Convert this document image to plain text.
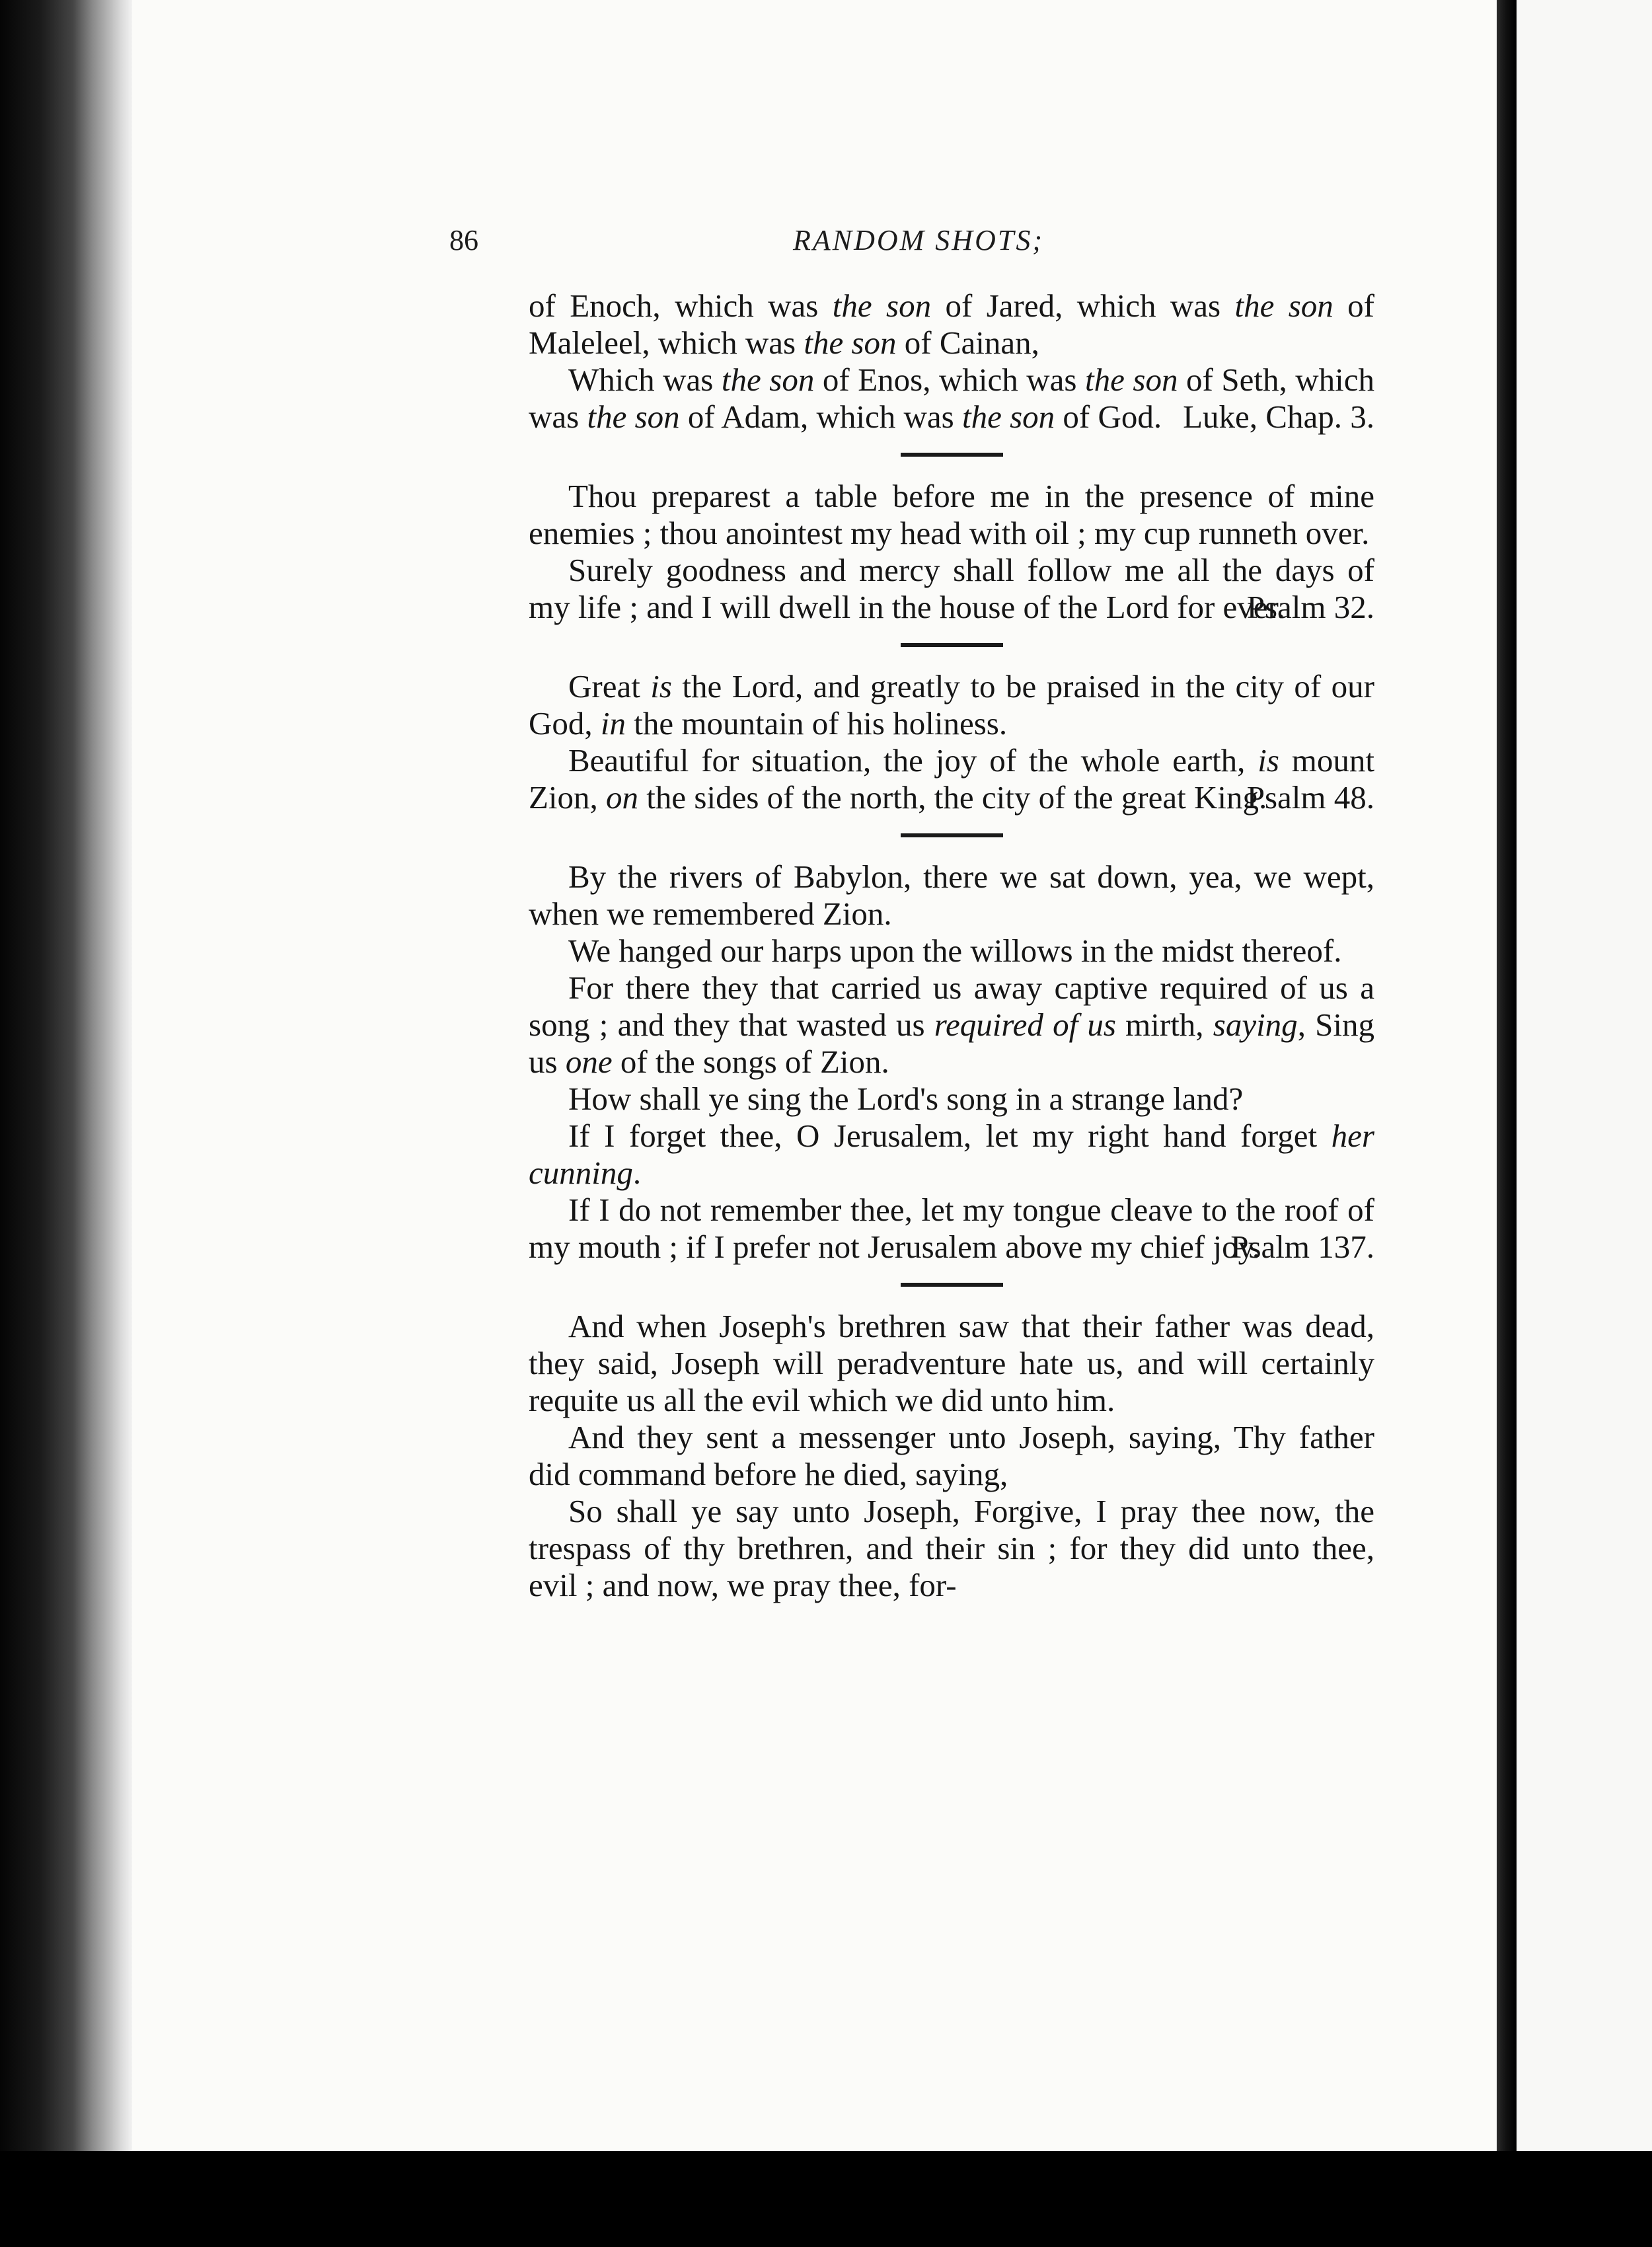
86	RANDOM SHOTS;

of Enoch, which was the son of Jared, which was the son of Maleleel, which was the son of Cainan,

Which was the son of Enos, which was the son of Seth, which was the son of Adam, which was the son of God. Luke, Chap. 3.

Thou preparest a table before me in the presence of mine enemies ; thou anointest my head with oil ; my cup runneth over.

Surely goodness and mercy shall follow me all the days of my life ; and I will dwell in the house of the Lord for ever.

Psalm 32.

Great is the Lord, and greatly to be praised in the city of our God, in the mountain of his holiness.

Beautiful for situation, the joy of the whole earth, is mount Zion, on the sides of the north, the city of the great King.

Psalm 48.

By the rivers of Babylon, there we sat down, yea, we wept, when we remembered Zion.

We hanged our harps upon the willows in the midst thereof.

For there they that carried us away captive required of us a song ; and they that wasted us required of us mirth, saying, Sing us one of the songs of Zion.

How shall ye sing the Lord's song in a strange land?

If I forget thee, O Jerusalem, let my right hand forget her cunning.

If I do not remember thee, let my tongue cleave to the roof of my mouth ; if I prefer not Jerusalem above my chief joy.

Psalm 137.

And when Joseph's brethren saw that their father was dead, they said, Joseph will peradventure hate us, and will certainly requite us all the evil which we did unto him.

And they sent a messenger unto Joseph, saying, Thy father did command before he died, saying,

So shall ye say unto Joseph, Forgive, I pray thee now, the trespass of thy brethren, and their sin ; for they did unto thee, evil ; and now, we pray thee, for-
